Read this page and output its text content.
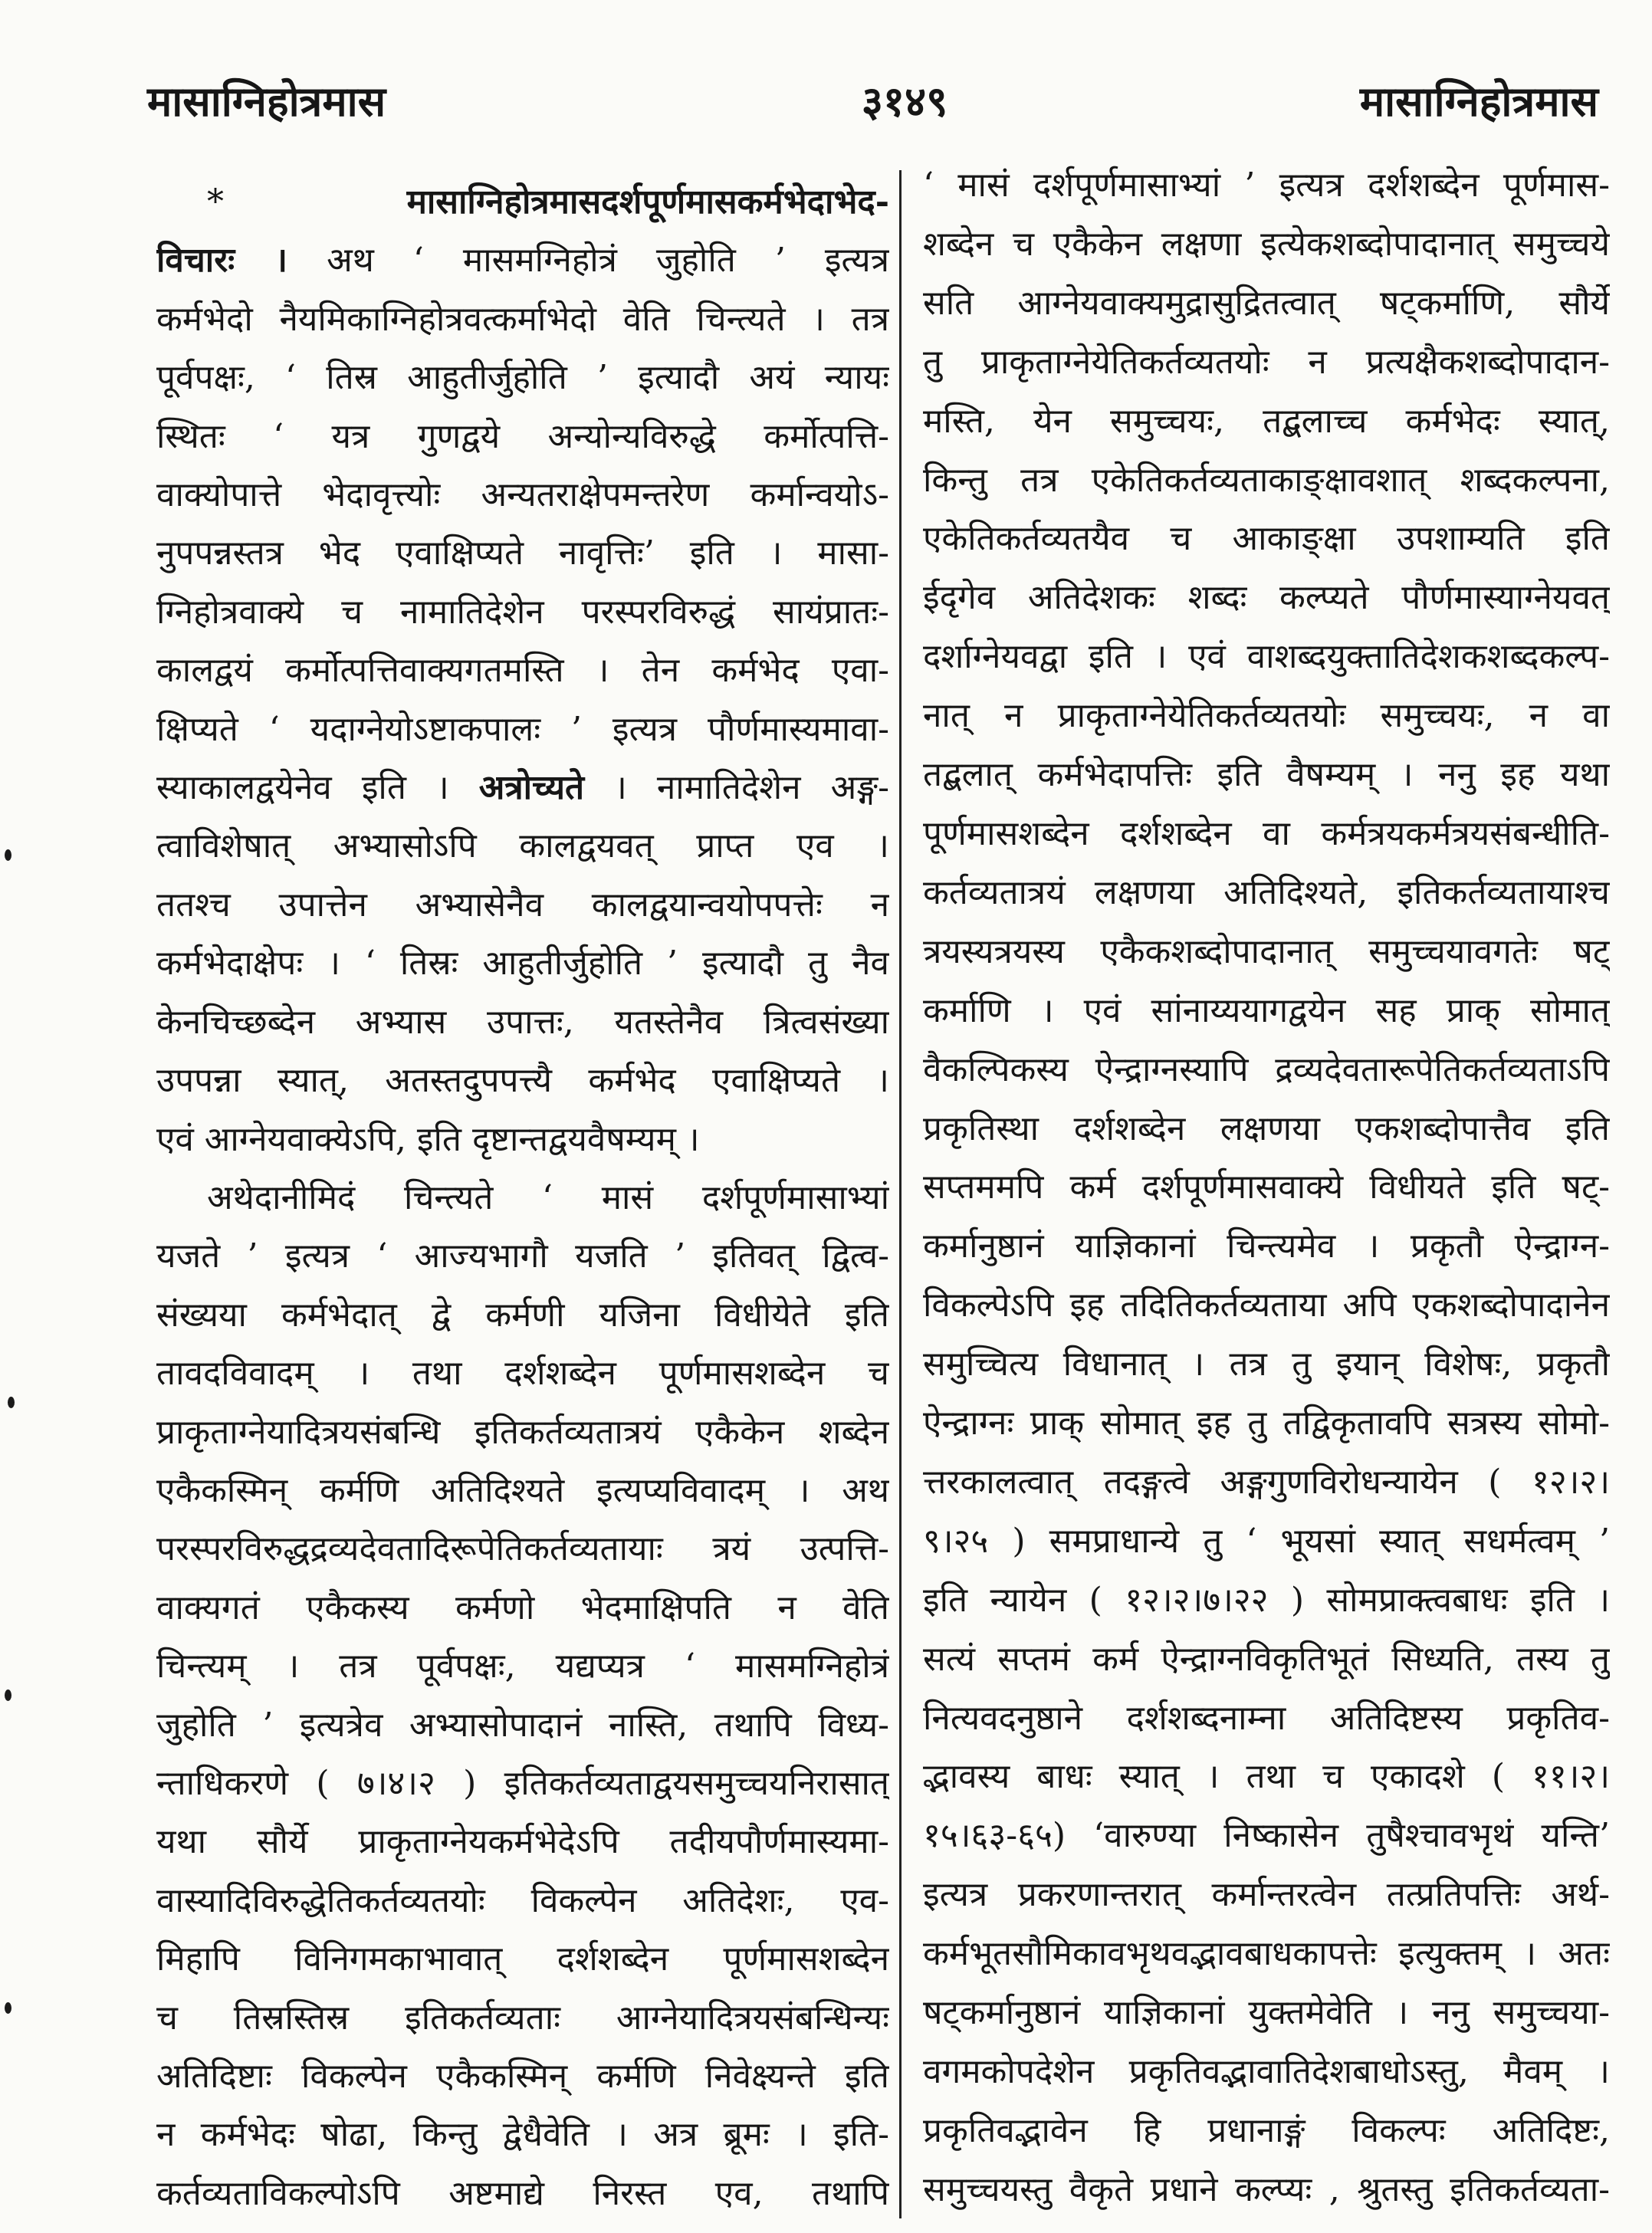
मासाग्निहोत्रमास	३१४९	मासाग्निहोत्रमास
*	मासाग्निहोत्रमासदर्शपूर्णमासकर्मभेदाभेद-
विचारः । अथ ‘ मासमग्निहोत्रं जुहोति ’ इत्यत्र
कर्मभेदो नैयमिकाग्निहोत्रवत्कर्माभेदो वेति चिन्त्यते । तत्र
पूर्वपक्षः, ‘ तिस्र आहुतीर्जुहोति ’ इत्यादौ अयं न्यायः
स्थितः ‘ यत्र गुणद्वये अन्योन्यविरुद्धे कर्मोत्पत्ति-
वाक्योपात्ते भेदावृत्त्योः अन्यतराक्षेपमन्तरेण कर्मान्वयोऽ-
नुपपन्नस्तत्र भेद एवाक्षिप्यते नावृत्तिः’ इति । मासा-
ग्निहोत्रवाक्ये च नामातिदेशेन परस्परविरुद्धं सायंप्रातः-
कालद्वयं कर्मोत्पत्तिवाक्यगतमस्ति । तेन कर्मभेद एवा-
क्षिप्यते ‘ यदाग्नेयोऽष्टाकपालः ’ इत्यत्र पौर्णमास्यमावा-
स्याकालद्वयेनेव इति । अत्रोच्यते । नामातिदेशेन अङ्ग-
त्वाविशेषात् अभ्यासोऽपि कालद्वयवत् प्राप्त एव ।
ततश्च उपात्तेन अभ्यासेनैव कालद्वयान्वयोपपत्तेः न
कर्मभेदाक्षेपः । ‘ तिस्रः आहुतीर्जुहोति ’ इत्यादौ तु नैव
केनचिच्छब्देन अभ्यास उपात्तः, यतस्तेनैव त्रित्वसंख्या
उपपन्ना स्यात्, अतस्तदुपपत्त्यै कर्मभेद एवाक्षिप्यते ।
एवं आग्नेयवाक्येऽपि, इति दृष्टान्तद्वयवैषम्यम् ।
अथेदानीमिदं चिन्त्यते ‘ मासं दर्शपूर्णमासाभ्यां
यजते ’ इत्यत्र ‘ आज्यभागौ यजति ’ इतिवत् द्वित्व-
संख्यया कर्मभेदात् द्वे कर्मणी यजिना विधीयेते इति
तावदविवादम् । तथा दर्शशब्देन पूर्णमासशब्देन च
प्राकृताग्नेयादित्रयसंबन्धि इतिकर्तव्यतात्रयं एकैकेन शब्देन
एकैकस्मिन् कर्मणि अतिदिश्यते इत्यप्यविवादम् । अथ
परस्परविरुद्धद्रव्यदेवतादिरूपेतिकर्तव्यतायाः त्रयं उत्पत्ति-
वाक्यगतं एकैकस्य कर्मणो भेदमाक्षिपति न वेति
चिन्त्यम् । तत्र पूर्वपक्षः, यद्यप्यत्र ‘ मासमग्निहोत्रं
जुहोति ’ इत्यत्रेव अभ्यासोपादानं नास्ति, तथापि विध्य-
न्ताधिकरणे ( ७।४।२ ) इतिकर्तव्यताद्वयसमुच्चयनिरासात्
यथा सौर्ये प्राकृताग्नेयकर्मभेदेऽपि तदीयपौर्णमास्यमा-
वास्यादिविरुद्धेतिकर्तव्यतयोः विकल्पेन अतिदेशः, एव-
मिहापि विनिगमकाभावात् दर्शशब्देन पूर्णमासशब्देन
च तिस्रस्तिस्र इतिकर्तव्यताः आग्नेयादित्रयसंबन्धिन्यः
अतिदिष्टाः विकल्पेन एकैकस्मिन् कर्मणि निवेक्ष्यन्ते इति
न कर्मभेदः षोढा, किन्तु द्वेधैवेति । अत्र ब्रूमः । इति-
कर्तव्यताविकल्पोऽपि अष्टमाद्ये निरस्त एव, तथापि
‘ मासं दर्शपूर्णमासाभ्यां ’ इत्यत्र दर्शशब्देन पूर्णमास-
शब्देन च एकैकेन लक्षणा इत्येकशब्दोपादानात् समुच्चये
सति आग्नेयवाक्यमुद्रासुद्रितत्वात् षट्कर्माणि, सौर्ये
तु प्राकृताग्नेयेतिकर्तव्यतयोः न प्रत्यक्षैकशब्दोपादान-
मस्ति, येन समुच्चयः, तद्बलाच्च कर्मभेदः स्यात्,
किन्तु तत्र एकेतिकर्तव्यताकाङ्क्षावशात् शब्दकल्पना,
एकेतिकर्तव्यतयैव च आकाङ्क्षा उपशाम्यति इति
ईदृगेव अतिदेशकः शब्दः कल्प्यते पौर्णमास्याग्नेयवत्
दर्शाग्नेयवद्वा इति । एवं वाशब्दयुक्तातिदेशकशब्दकल्प-
नात् न प्राकृताग्नेयेतिकर्तव्यतयोः समुच्चयः, न वा
तद्बलात् कर्मभेदापत्तिः इति वैषम्यम् । ननु इह यथा
पूर्णमासशब्देन दर्शशब्देन वा कर्मत्रयकर्मत्रयसंबन्धीति-
कर्तव्यतात्रयं लक्षणया अतिदिश्यते, इतिकर्तव्यतायाश्च
त्रयस्यत्रयस्य एकैकशब्दोपादानात् समुच्चयावगतेः षट्
कर्माणि । एवं सांनाय्ययागद्वयेन सह प्राक् सोमात्
वैकल्पिकस्य ऐन्द्राग्नस्यापि द्रव्यदेवतारूपेतिकर्तव्यताऽपि
प्रकृतिस्था दर्शशब्देन लक्षणया एकशब्दोपात्तैव इति
सप्तममपि कर्म दर्शपूर्णमासवाक्ये विधीयते इति षट्-
कर्मानुष्ठानं याज्ञिकानां चिन्त्यमेव । प्रकृतौ ऐन्द्राग्न-
विकल्पेऽपि इह तदितिकर्तव्यताया अपि एकशब्दोपादानेन
समुच्चित्य विधानात् । तत्र तु इयान् विशेषः, प्रकृतौ
ऐन्द्राग्नः प्राक् सोमात् इह तु तद्विकृतावपि सत्रस्य सोमो-
त्तरकालत्वात् तदङ्गत्वे अङ्गगुणविरोधन्यायेन ( १२।२।
९।२५ ) समप्राधान्ये तु ‘ भूयसां स्यात् सधर्मत्वम् ’
इति न्यायेन ( १२।२।७।२२ ) सोमप्राक्त्वबाधः इति ।
सत्यं सप्तमं कर्म ऐन्द्राग्नविकृतिभूतं सिध्यति, तस्य तु
नित्यवदनुष्ठाने दर्शशब्दनाम्ना अतिदिष्टस्य प्रकृतिव-
द्भावस्य बाधः स्यात् । तथा च एकादशे ( ११।२।
१५।६३-६५) ‘वारुण्या निष्कासेन तुषैश्चावभृथं यन्ति’
इत्यत्र प्रकरणान्तरात् कर्मान्तरत्वेन तत्प्रतिपत्तिः अर्थ-
कर्मभूतसौमिकावभृथवद्भावबाधकापत्तेः इत्युक्तम् । अतः
षट्कर्मानुष्ठानं याज्ञिकानां युक्तमेवेति । ननु समुच्चया-
वगमकोपदेशेन प्रकृतिवद्भावातिदेशबाधोऽस्तु, मैवम् ।
प्रकृतिवद्भावेन हि प्रधानाङ्गं विकल्पः अतिदिष्टः,
समुच्चयस्तु वैकृते प्रधाने कल्प्यः , श्रुतस्तु इतिकर्तव्यता-
